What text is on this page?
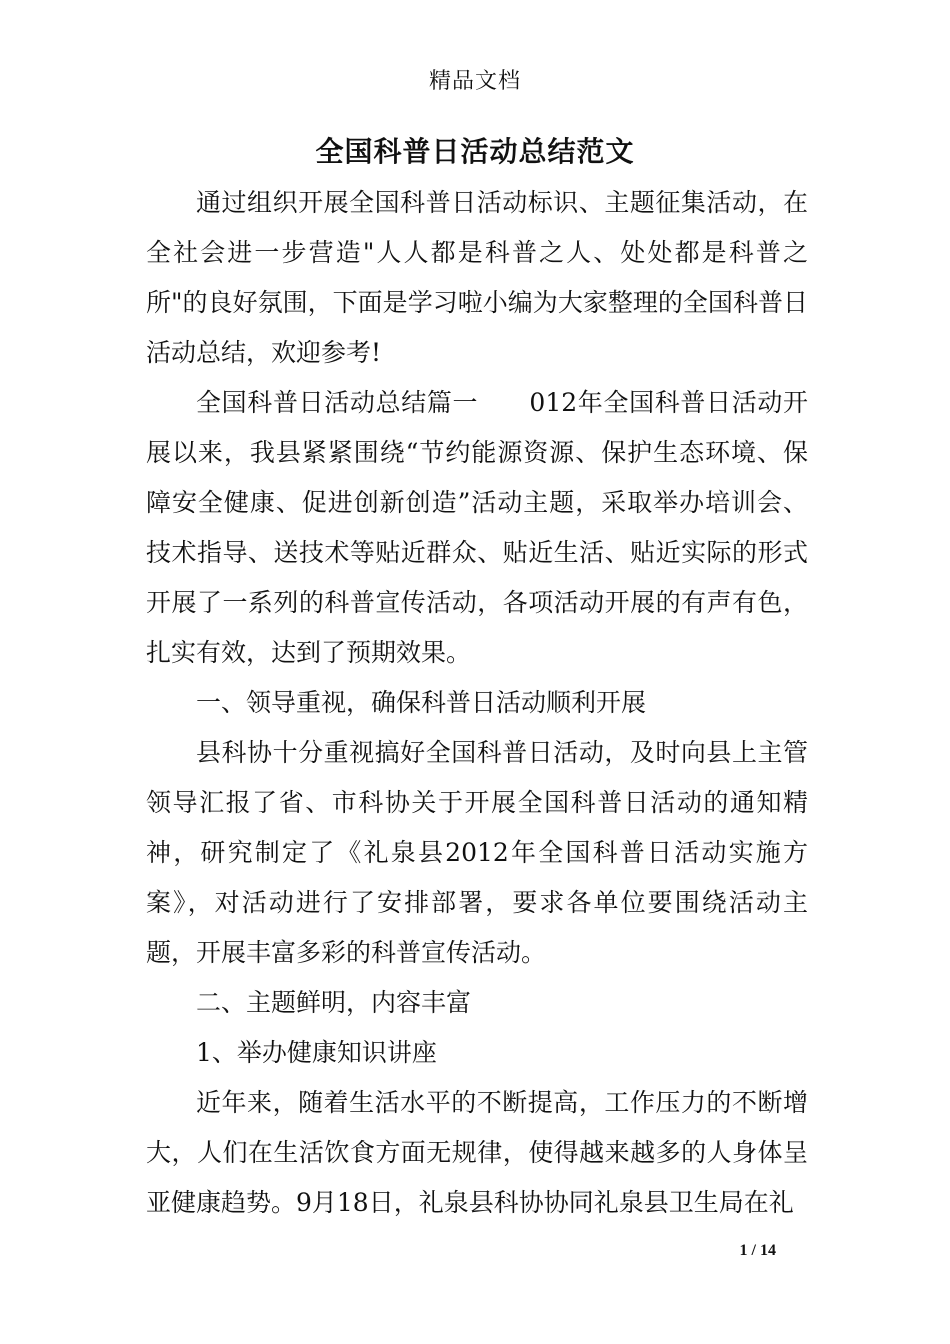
精品文档
全国科普日活动总结范文

通过组织开展全国科普日活动标识、主题征集活动，在全社会进一步营造"人人都是科普之人、处处都是科普之所"的良好氛围，下面是学习啦小编为大家整理的全国科普日活动总结，欢迎参考!

全国科普日活动总结篇一　　012年全国科普日活动开展以来，我县紧紧围绕“节约能源资源、保护生态环境、保障安全健康、促进创新创造”活动主题，采取举办培训会、技术指导、送技术等贴近群众、贴近生活、贴近实际的形式开展了一系列的科普宣传活动，各项活动开展的有声有色，扎实有效，达到了预期效果。

一、领导重视，确保科普日活动顺利开展

县科协十分重视搞好全国科普日活动，及时向县上主管领导汇报了省、市科协关于开展全国科普日活动的通知精神，研究制定了《礼泉县2012年全国科普日活动实施方案》，对活动进行了安排部署，要求各单位要围绕活动主题，开展丰富多彩的科普宣传活动。

二、主题鲜明，内容丰富

1、举办健康知识讲座

近年来，随着生活水平的不断提高，工作压力的不断增大，人们在生活饮食方面无规律，使得越来越多的人身体呈亚健康趋势。9月18日，礼泉县科协协同礼泉县卫生局在礼

1 / 14
